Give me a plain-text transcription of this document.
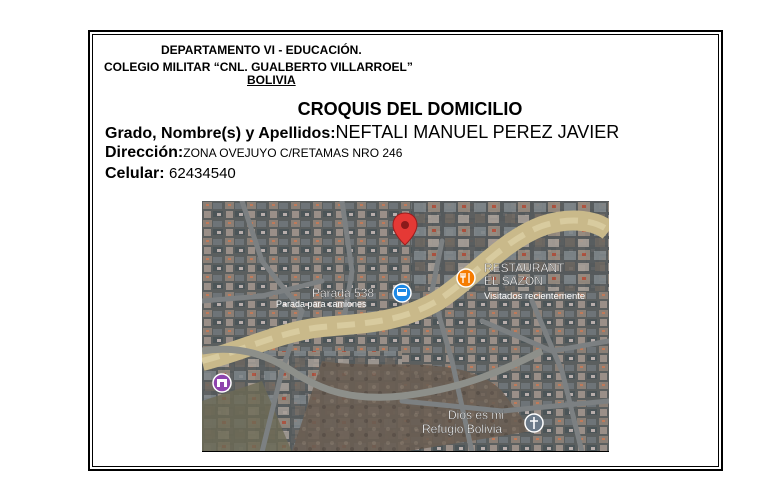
DEPARTAMENTO VI - EDUCACIÓN.
COLEGIO MILITAR “CNL. GUALBERTO VILLARROEL”
BOLIVIA
CROQUIS DEL DOMICILIO
Grado, Nombre(s) y Apellidos:NEFTALI MANUEL PEREZ JAVIER
Dirección:ZONA OVEJUYO C/RETAMAS NRO 246
Celular: 62434540
Parada 538
Parada para camiones
RESTAURANT
EL SAZON
Visitados recientemente
Dios es mi
Refugio Bolivia
